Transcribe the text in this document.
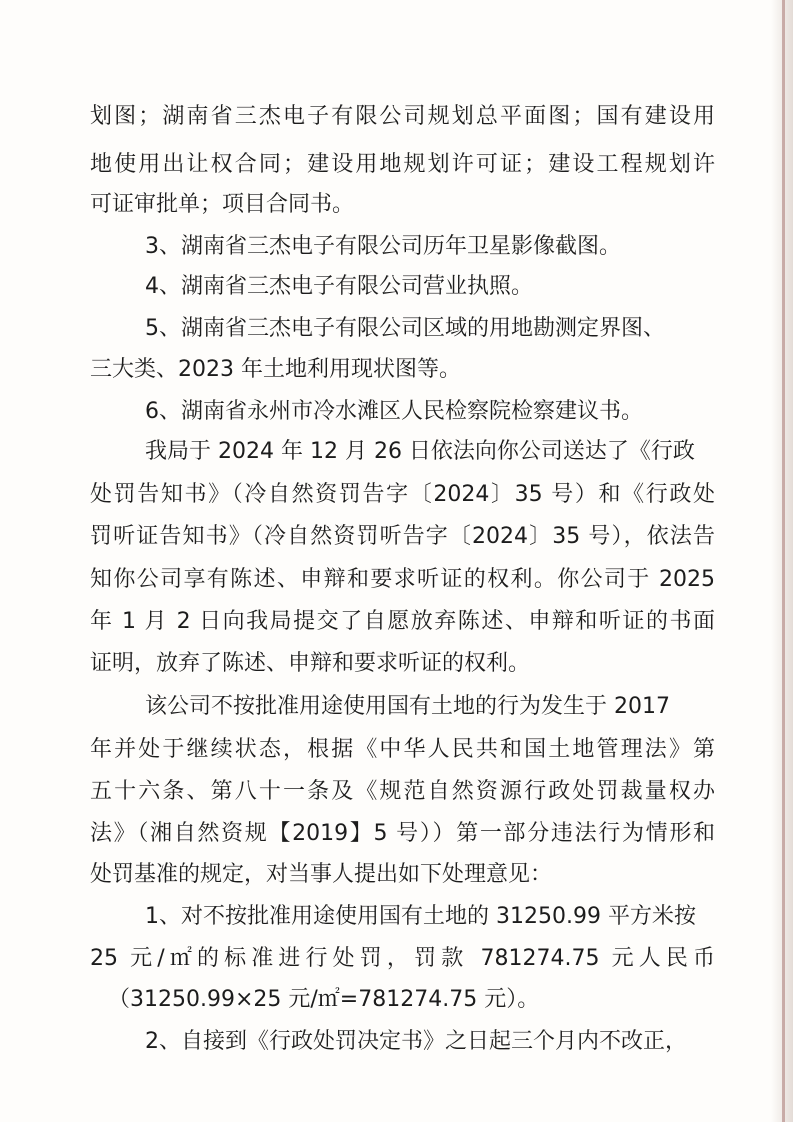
划图；湖南省三杰电子有限公司规划总平面图；国有建设用
地使用出让权合同；建设用地规划许可证；建设工程规划许
可证审批单；项目合同书。
3、湖南省三杰电子有限公司历年卫星影像截图。
4、湖南省三杰电子有限公司营业执照。
5、湖南省三杰电子有限公司区域的用地勘测定界图、
三大类、2023 年土地利用现状图等。
6、湖南省永州市冷水滩区人民检察院检察建议书。
我局于 2024 年 12 月 26 日依法向你公司送达了《行政
处罚告知书》（冷自然资罚告字〔2024〕35 号）和《行政处
罚听证告知书》（冷自然资罚听告字〔2024〕35 号），依法告
知你公司享有陈述、申辩和要求听证的权利。你公司于 2025
年 1 月 2 日向我局提交了自愿放弃陈述、申辩和听证的书面
证明，放弃了陈述、申辩和要求听证的权利。
该公司不按批准用途使用国有土地的行为发生于 2017
年并处于继续状态，根据《中华人民共和国土地管理法》第
五十六条、第八十一条及《规范自然资源行政处罚裁量权办
法》（湘自然资规【2019】5 号））第一部分违法行为情形和
处罚基准的规定，对当事人提出如下处理意见：
1、对不按批准用途使用国有土地的 31250.99 平方米按
25 元/㎡的标准进行处罚，罚款 781274.75 元人民币
（31250.99×25 元/㎡=781274.75 元）。
2、自接到《行政处罚决定书》之日起三个月内不改正，
